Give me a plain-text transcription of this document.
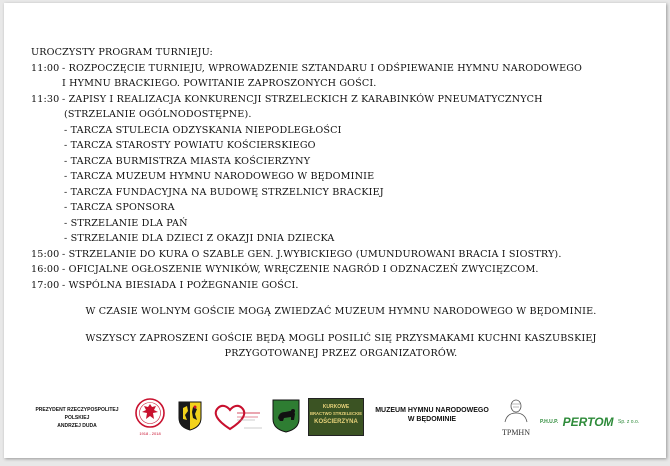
UROCZYSTY PROGRAM TURNIEJU:
11:00 - ROZPOCZĘCIE TURNIEJU, WPROWADZENIE SZTANDARU I ODŚPIEWANIE HYMNU NARODOWEGO
I HYMNU BRACKIEGO. POWITANIE ZAPROSZONYCH GOŚCI.
11:30 - ZAPISY I REALIZACJA KONKURENCJI STRZELECKICH Z KARABINKÓW PNEUMATYCZNYCH
(STRZELANIE OGÓLNODOSTĘPNE).
- TARCZA STULECIA ODZYSKANIA NIEPODLEGŁOŚCI
- TARCZA STAROSTY POWIATU KOŚCIERSKIEGO
- TARCZA BURMISTRZA MIASTA KOŚCIERZYNY
- TARCZA MUZEUM HYMNU NARODOWEGO W BĘDOMINIE
- TARCZA FUNDACYJNA NA BUDOWĘ STRZELNICY BRACKIEJ
- TARCZA SPONSORA
- STRZELANIE DLA PAŃ
- STRZELANIE DLA DZIECI Z OKAZJI DNIA DZIECKA
15:00 - STRZELANIE DO KURA O SZABLE GEN. J.WYBICKIEGO (UMUNDUROWANI BRACIA I SIOSTRY).
16:00 - OFICJALNE OGŁOSZENIE WYNIKÓW, WRĘCZENIE NAGRÓD I ODZNACZEŃ ZWYCIĘZCOM.
17:00 - WSPÓLNA BIESIADA I POŻEGNANIE GOŚCI.
W CZASIE WOLNYM GOŚCIE MOGĄ ZWIEDZAĆ MUZEUM HYMNU NARODOWEGO W BĘDOMINIE.
WSZYSCY ZAPROSZENI GOŚCIE BĘDĄ MOGLI POSILIĆ SIĘ PRZYSMAKAMI KUCHNI KASZUBSKIEJ
PRZYGOTOWANEJ PRZEZ ORGANIZATORÓW.
PREZYDENT RZECZYPOSPOLITEJ POLSKIEJ
ANDRZEJ DUDA
1918 - 2018
KURKOWE
BRACTWO STRZELECKIE
KOŚCIERZYNA
MUZEUM HYMNU NARODOWEGO
W BĘDOMINIE
TPMHN
P.H.U.P. PERTOM Sp. z o.o.
